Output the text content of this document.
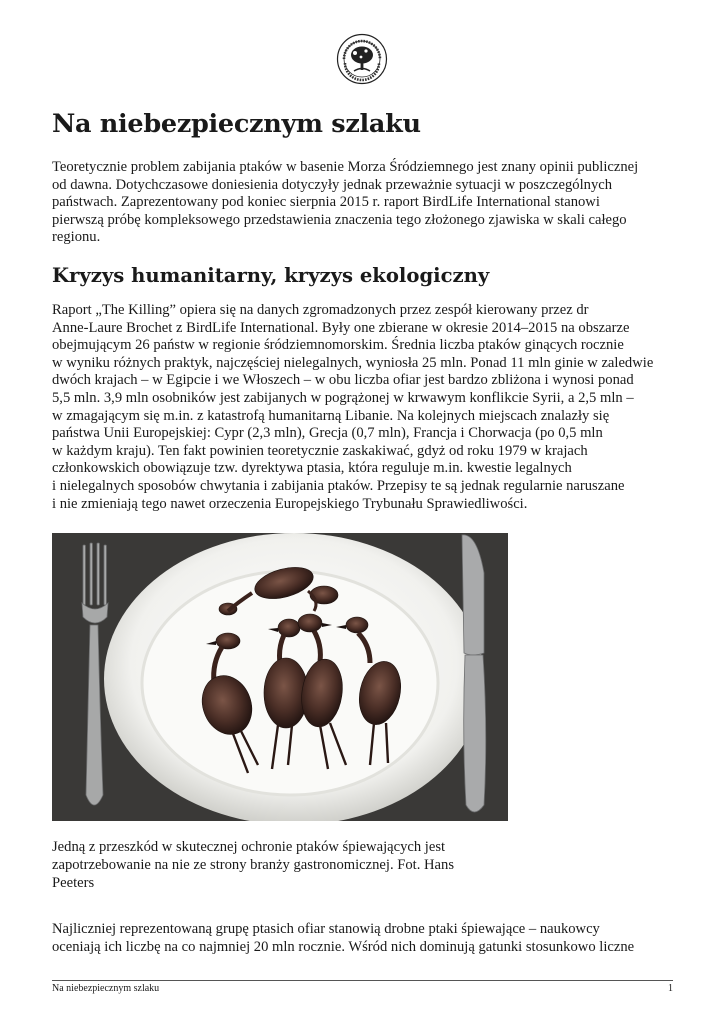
Na niebezpiecznym szlaku
Teoretycznie problem zabijania ptaków w basenie Morza Śródziemnego jest znany opinii publicznej
od dawna. Dotychczasowe doniesienia dotyczyły jednak przeważnie sytuacji w poszczególnych
państwach. Zaprezentowany pod koniec sierpnia 2015 r. raport BirdLife International stanowi
pierwszą próbę kompleksowego przedstawienia znaczenia tego złożonego zjawiska w skali całego
regionu.
Kryzys humanitarny, kryzys ekologiczny
Raport „The Killing” opiera się na danych zgromadzonych przez zespół kierowany przez dr
Anne-Laure Brochet z BirdLife International. Były one zbierane w okresie 2014–2015 na obszarze
obejmującym 26 państw w regionie śródziemnomorskim. Średnia liczba ptaków ginących rocznie
w wyniku różnych praktyk, najczęściej nielegalnych, wyniosła 25 mln. Ponad 11 mln ginie w zaledwie
dwóch krajach – w Egipcie i we Włoszech – w obu liczba ofiar jest bardzo zbliżona i wynosi ponad
5,5 mln. 3,9 mln osobników jest zabijanych w pogrążonej w krwawym konflikcie Syrii, a 2,5 mln –
w zmagającym się m.in. z katastrofą humanitarną Libanie. Na kolejnych miejscach znalazły się
państwa Unii Europejskiej: Cypr (2,3 mln), Grecja (0,7 mln), Francja i Chorwacja (po 0,5 mln
w każdym kraju). Ten fakt powinien teoretycznie zaskakiwać, gdyż od roku 1979 w krajach
członkowskich obowiązuje tzw. dyrektywa ptasia, która reguluje m.in. kwestie legalnych
i nielegalnych sposobów chwytania i zabijania ptaków. Przepisy te są jednak regularnie naruszane
i nie zmieniają tego nawet orzeczenia Europejskiego Trybunału Sprawiedliwości.
Jedną z przeszkód w skutecznej ochronie ptaków śpiewających jest
zapotrzebowanie na nie ze strony branży gastronomicznej. Fot. Hans
Peeters
Najliczniej reprezentowaną grupę ptasich ofiar stanowią drobne ptaki śpiewające – naukowcy
oceniają ich liczbę na co najmniej 20 mln rocznie. Wśród nich dominują gatunki stosunkowo liczne
Na niebezpiecznym szlaku	1
